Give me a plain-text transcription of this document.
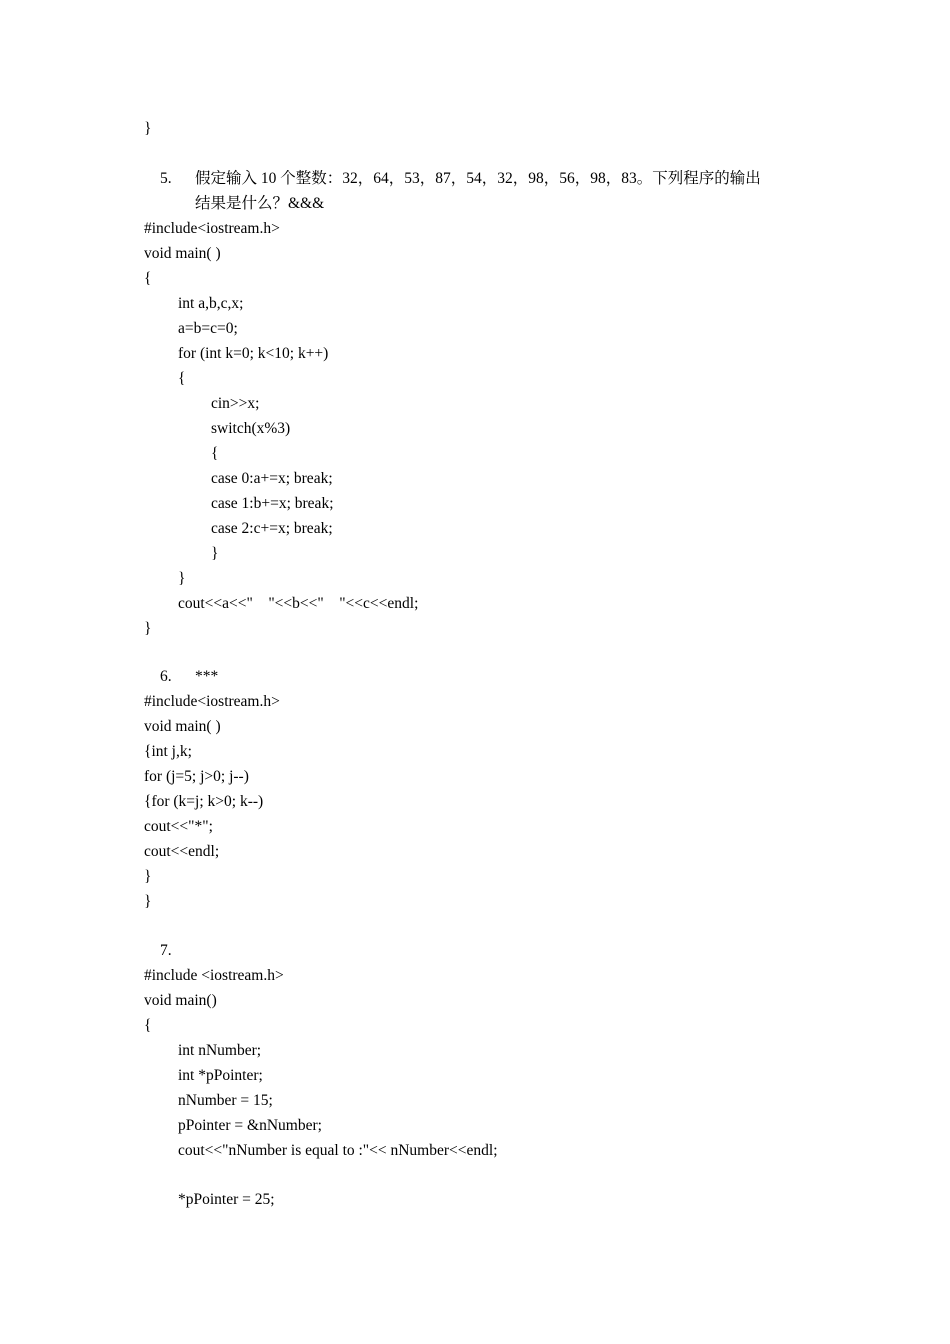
}
5. 假定输入 10 个整数：32，64，53，87，54，32，98，56，98，83。下列程序的输出
结果是什么？&&&
#include<iostream.h>
void main( )
{
int a,b,c,x;
a=b=c=0;
for (int k=0; k<10; k++)
{
cin>>x;
switch(x%3)
{
case 0:a+=x; break;
case 1:b+=x; break;
case 2:c+=x; break;
}
}
cout<<a<<"    "<<b<<"    "<<c<<endl;
}
6. ***
#include<iostream.h>
void main( )
{int j,k;
for (j=5; j>0; j--)
{for (k=j; k>0; k--)
cout<<"*";
cout<<endl;
}
}
7.
#include <iostream.h>
void main()
{
int nNumber;
int *pPointer;
nNumber = 15;
pPointer = &nNumber;
cout<<"nNumber is equal to :"<< nNumber<<endl;
*pPointer = 25;
